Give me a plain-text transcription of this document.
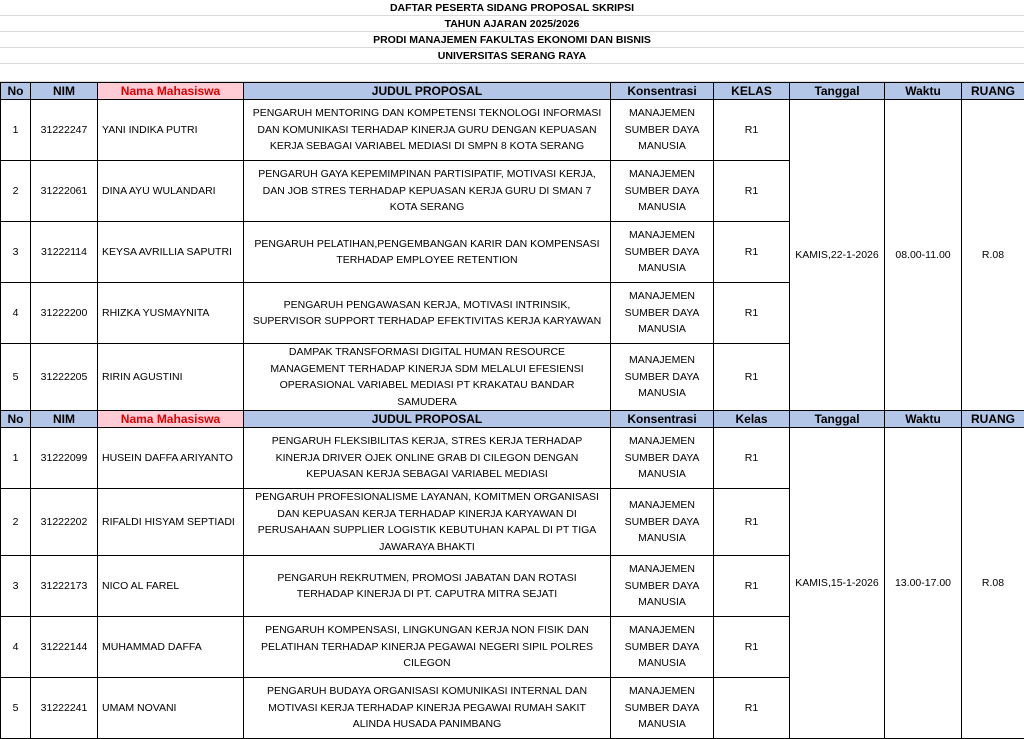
DAFTAR PESERTA SIDANG PROPOSAL SKRIPSI
TAHUN AJARAN 2025/2026
PRODI MANAJEMEN FAKULTAS EKONOMI DAN BISNIS
UNIVERSITAS SERANG RAYA
No	NIM	Nama Mahasiswa	JUDUL PROPOSAL	Konsentrasi	KELAS	Tanggal	Waktu	RUANG
1	31222247	YANI INDIKA PUTRI	PENGARUH MENTORING DAN KOMPETENSI TEKNOLOGI INFORMASI DAN KOMUNIKASI TERHADAP KINERJA GURU DENGAN KEPUASAN KERJA SEBAGAI VARIABEL MEDIASI DI SMPN 8 KOTA SERANG	MANAJEMEN SUMBER DAYA MANUSIA	R1	KAMIS,22-1-2026	08.00-11.00	R.08
2	31222061	DINA AYU WULANDARI	PENGARUH GAYA KEPEMIMPINAN PARTISIPATIF, MOTIVASI KERJA, DAN JOB STRES TERHADAP KEPUASAN KERJA GURU DI SMAN 7 KOTA SERANG	MANAJEMEN SUMBER DAYA MANUSIA	R1			
3	31222114	KEYSA AVRILLIA SAPUTRI	PENGARUH PELATIHAN,PENGEMBANGAN KARIR DAN KOMPENSASI TERHADAP EMPLOYEE RETENTION	MANAJEMEN SUMBER DAYA MANUSIA	R1			
4	31222200	RHIZKA YUSMAYNITA	PENGARUH PENGAWASAN KERJA, MOTIVASI INTRINSIK, SUPERVISOR SUPPORT TERHADAP EFEKTIVITAS KERJA KARYAWAN	MANAJEMEN SUMBER DAYA MANUSIA	R1			
5	31222205	RIRIN AGUSTINI	DAMPAK TRANSFORMASI DIGITAL HUMAN RESOURCE MANAGEMENT TERHADAP KINERJA SDM MELALUI EFESIENSI OPERASIONAL VARIABEL MEDIASI PT KRAKATAU BANDAR SAMUDERA	MANAJEMEN SUMBER DAYA MANUSIA	R1			
No	NIM	Nama Mahasiswa	JUDUL PROPOSAL	Konsentrasi	Kelas	Tanggal	Waktu	RUANG
1	31222099	HUSEIN DAFFA ARIYANTO	PENGARUH FLEKSIBILITAS KERJA, STRES KERJA TERHADAP KINERJA DRIVER OJEK ONLINE GRAB DI CILEGON DENGAN KEPUASAN KERJA SEBAGAI VARIABEL MEDIASI	MANAJEMEN SUMBER DAYA MANUSIA	R1	KAMIS,15-1-2026	13.00-17.00	R.08
2	31222202	RIFALDI HISYAM SEPTIADI	PENGARUH PROFESIONALISME LAYANAN, KOMITMEN ORGANISASI DAN KEPUASAN KERJA TERHADAP KINERJA KARYAWAN DI PERUSAHAAN SUPPLIER LOGISTIK KEBUTUHAN KAPAL DI PT TIGA JAWARAYA BHAKTI	MANAJEMEN SUMBER DAYA MANUSIA	R1			
3	31222173	NICO AL FAREL	PENGARUH REKRUTMEN, PROMOSI JABATAN DAN ROTASI TERHADAP KINERJA DI PT. CAPUTRA MITRA SEJATI	MANAJEMEN SUMBER DAYA MANUSIA	R1			
4	31222144	MUHAMMAD DAFFA	PENGARUH KOMPENSASI, LINGKUNGAN KERJA NON FISIK DAN PELATIHAN TERHADAP KINERJA PEGAWAI NEGERI SIPIL POLRES CILEGON	MANAJEMEN SUMBER DAYA MANUSIA	R1			
5	31222241	UMAM NOVANI	PENGARUH BUDAYA ORGANISASI KOMUNIKASI INTERNAL DAN MOTIVASI KERJA TERHADAP KINERJA PEGAWAI RUMAH SAKIT ALINDA HUSADA PANIMBANG	MANAJEMEN SUMBER DAYA MANUSIA	R1			
